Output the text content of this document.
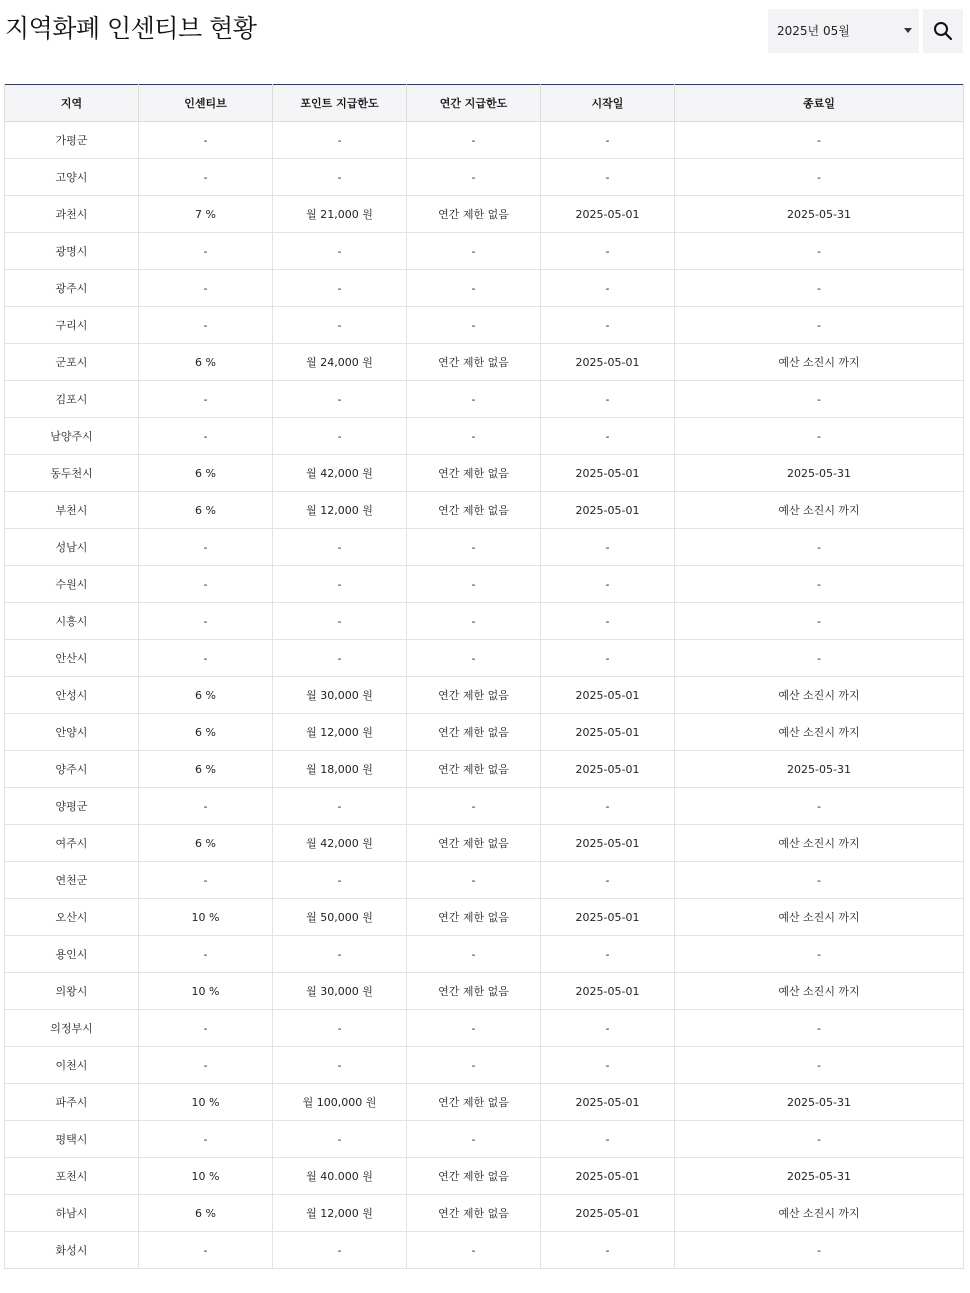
지역화폐 인센티브 현황	2025년 05월
지역	인센티브	포인트 지급한도	연간 지급한도	시작일	종료일
가평군	-	-	-	-	-
고양시	-	-	-	-	-
과천시	7 %	월 21,000 원	연간 제한 없음	2025-05-01	2025-05-31
광명시	-	-	-	-	-
광주시	-	-	-	-	-
구리시	-	-	-	-	-
군포시	6 %	월 24,000 원	연간 제한 없음	2025-05-01	예산 소진시 까지
김포시	-	-	-	-	-
남양주시	-	-	-	-	-
동두천시	6 %	월 42,000 원	연간 제한 없음	2025-05-01	2025-05-31
부천시	6 %	월 12,000 원	연간 제한 없음	2025-05-01	예산 소진시 까지
성남시	-	-	-	-	-
수원시	-	-	-	-	-
시흥시	-	-	-	-	-
안산시	-	-	-	-	-
안성시	6 %	월 30,000 원	연간 제한 없음	2025-05-01	예산 소진시 까지
안양시	6 %	월 12,000 원	연간 제한 없음	2025-05-01	예산 소진시 까지
양주시	6 %	월 18,000 원	연간 제한 없음	2025-05-01	2025-05-31
양평군	-	-	-	-	-
여주시	6 %	월 42,000 원	연간 제한 없음	2025-05-01	예산 소진시 까지
연천군	-	-	-	-	-
오산시	10 %	월 50,000 원	연간 제한 없음	2025-05-01	예산 소진시 까지
용인시	-	-	-	-	-
의왕시	10 %	월 30,000 원	연간 제한 없음	2025-05-01	예산 소진시 까지
의정부시	-	-	-	-	-
이천시	-	-	-	-	-
파주시	10 %	월 100,000 원	연간 제한 없음	2025-05-01	2025-05-31
평택시	-	-	-	-	-
포천시	10 %	월 40.000 원	연간 제한 없음	2025-05-01	2025-05-31
하남시	6 %	월 12,000 원	연간 제한 없음	2025-05-01	예산 소진시 까지
화성시	-	-	-	-	-
